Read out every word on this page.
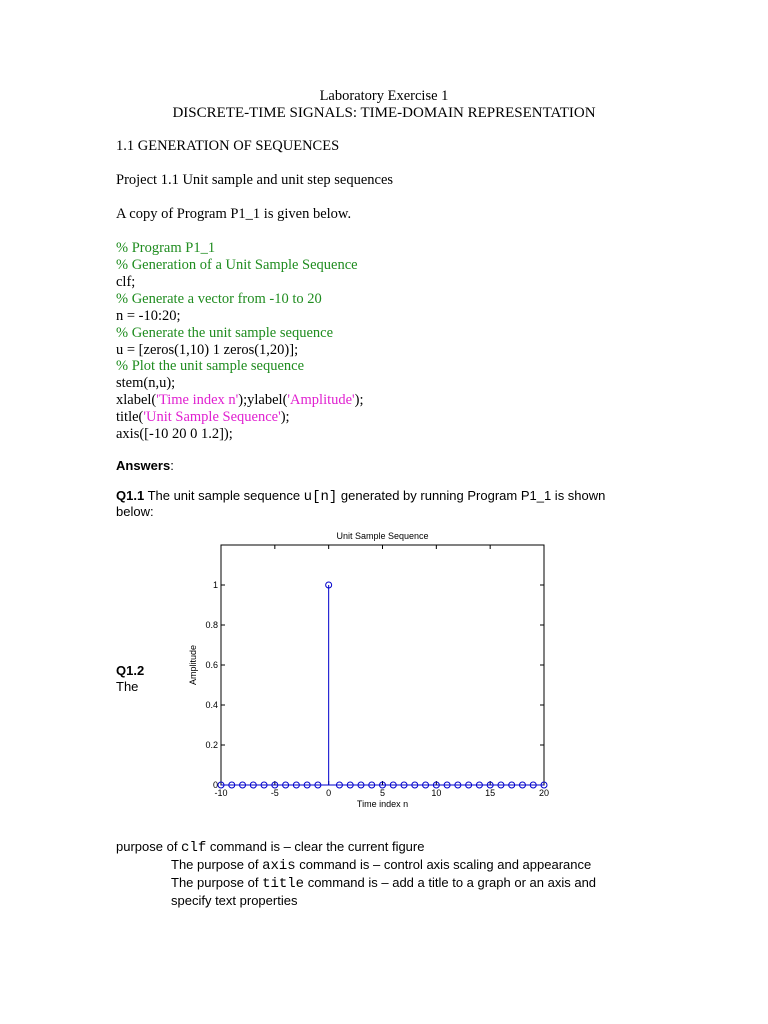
Laboratory Exercise 1
DISCRETE-TIME SIGNALS: TIME-DOMAIN REPRESENTATION
1.1 GENERATION OF SEQUENCES
Project 1.1 Unit sample and unit step sequences
A copy of Program P1_1 is given below.
% Program P1_1
% Generation of a Unit Sample Sequence
clf;
% Generate a vector from -10 to 20
n = -10:20;
% Generate the unit sample sequence
u = [zeros(1,10) 1 zeros(1,20)];
% Plot the unit sample sequence
stem(n,u);
xlabel('Time index n');ylabel('Amplitude');
title('Unit Sample Sequence');
axis([-10 20 0 1.2]);
Answers:
Q1.1 The unit sample sequence u[n] generated by running Program P1_1 is shown
below:
Q1.2
The
Unit Sample Sequence
-10	-5	0	5	10	15	20
0
0.2
0.4
0.6
0.8
1
Time index n
Amplitude
purpose of clf command is – clear the current figure
The purpose of axis command is – control axis scaling and appearance
The purpose of title command is – add a title to a graph or an axis and
specify text properties
